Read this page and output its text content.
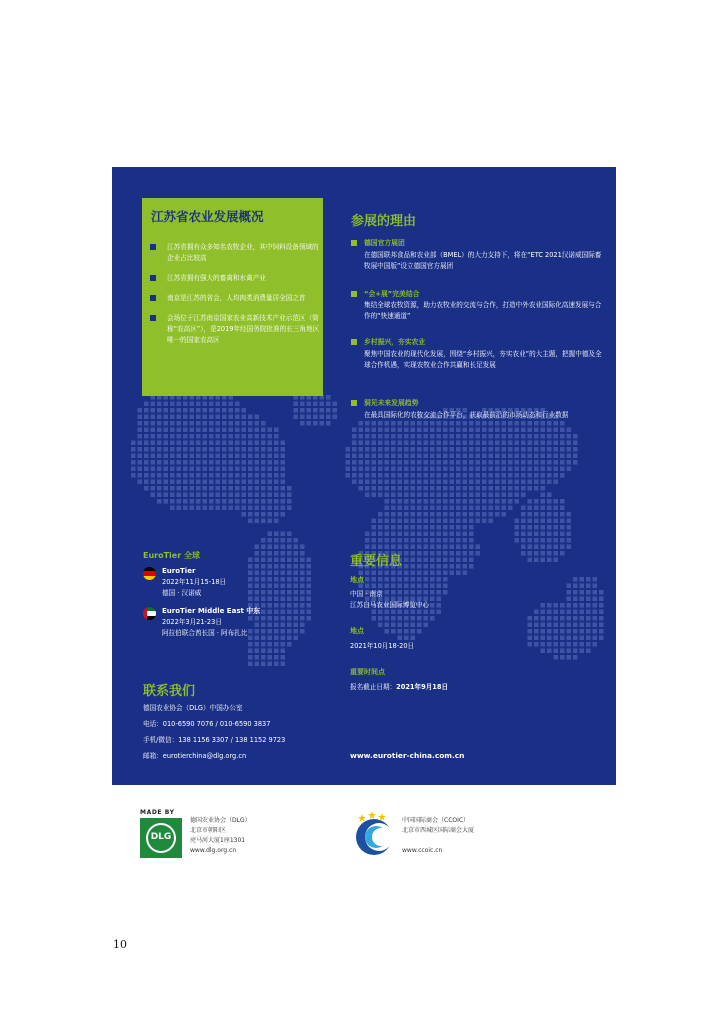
江苏省农业发展概况
江苏省拥有众多知名农牧企业，其中饲料设备领域的企业占比较高
江苏省拥有强大的畜禽和水禽产业
南京是江苏的省会，人均肉类消费量居全国之首
会场位于江苏南京国家农业高新技术产业示范区（简称“农高区”），是2019年经国务院批准的长三角地区唯一的国家农高区
参展的理由
德国官方展团
在德国联邦食品和农业部（BMEL）的大力支持下，将在“ETC 2021汉诺威国际畜牧展中国版”设立德国官方展团
“会+展”完美结合
集结全球农牧资源，助力农牧业的交流与合作，打造中外农业国际化高速发展与合作的“快速通道”
乡村振兴，夯实农业
聚焦中国农业的现代化发展，围绕“乡村振兴，夯实农业”的大主题，把握中德及全球合作机遇，实现农牧业合作共赢和长足发展
洞见未来发展趋势
在最具国际化的农牧交流合作平台，获取最前沿的市场动态和行业数据
EuroTier 全球
EuroTier
2022年11月15-18日
德国 · 汉诺威
EuroTier Middle East 中东
2022年3月21-23日
阿拉伯联合酋长国 · 阿布扎比
重要信息
地点
中国 · 南京
江苏白马农业国际博览中心
地点
2021年10月18-20日
重要时间点
报名截止日期：2021年9月18日
联系我们
德国农业协会（DLG）中国办公室
电话：010-6590 7076 / 010-6590 3837
手机/微信：138 1156 3307 / 138 1152 9723
邮箱：eurotierchina@dlg.org.cn	www.eurotier-china.com.cn
MADE BY
DLG
德国农业协会（DLG）
北京市朝阳区
亮马河大厦1座1301
www.dlg.org.cn
中国国际商会（CCOIC）
北京市西城区国际商会大厦
www.ccoic.cn
10
